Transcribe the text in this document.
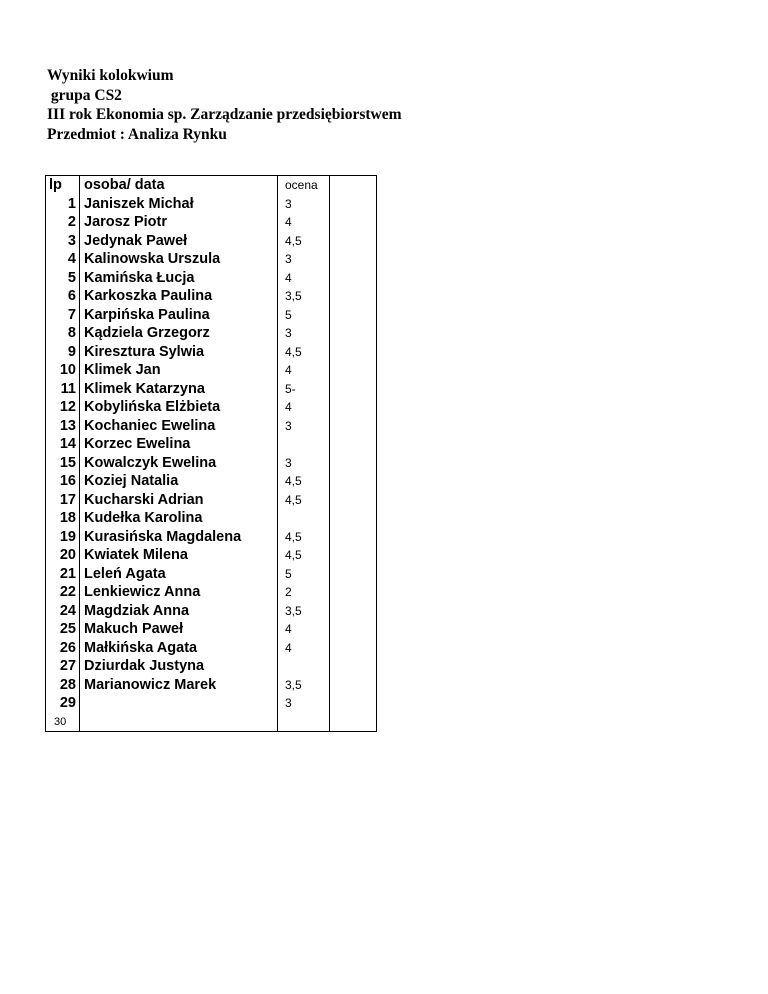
Wyniki kolokwium
grupa CS2
III rok Ekonomia sp. Zarządzanie przedsiębiorstwem
Przedmiot : Analiza Rynku
lp	osoba/ data	ocena	
1	Janiszek Michał	3	
2	Jarosz Piotr	4	
3	Jedynak Paweł	4,5	
4	Kalinowska Urszula	3	
5	Kamińska Łucja	4	
6	Karkoszka Paulina	3,5	
7	Karpińska Paulina	5	
8	Kądziela Grzegorz	3	
9	Kiresztura Sylwia	4,5	
10	Klimek Jan	4	
11	Klimek Katarzyna	5-	
12	Kobylińska Elżbieta	4	
13	Kochaniec Ewelina	3	
14	Korzec Ewelina		
15	Kowalczyk Ewelina	3	
16	Koziej Natalia	4,5	
17	Kucharski Adrian	4,5	
18	Kudełka Karolina		
19	Kurasińska Magdalena	4,5	
20	Kwiatek Milena	4,5	
21	Leleń Agata	5	
22	Lenkiewicz Anna	2	
24	Magdziak Anna	3,5	
25	Makuch Paweł	4	
26	Małkińska Agata	4	
27	Dziurdak Justyna		
28	Marianowicz Marek	3,5	
29		3	
30			
